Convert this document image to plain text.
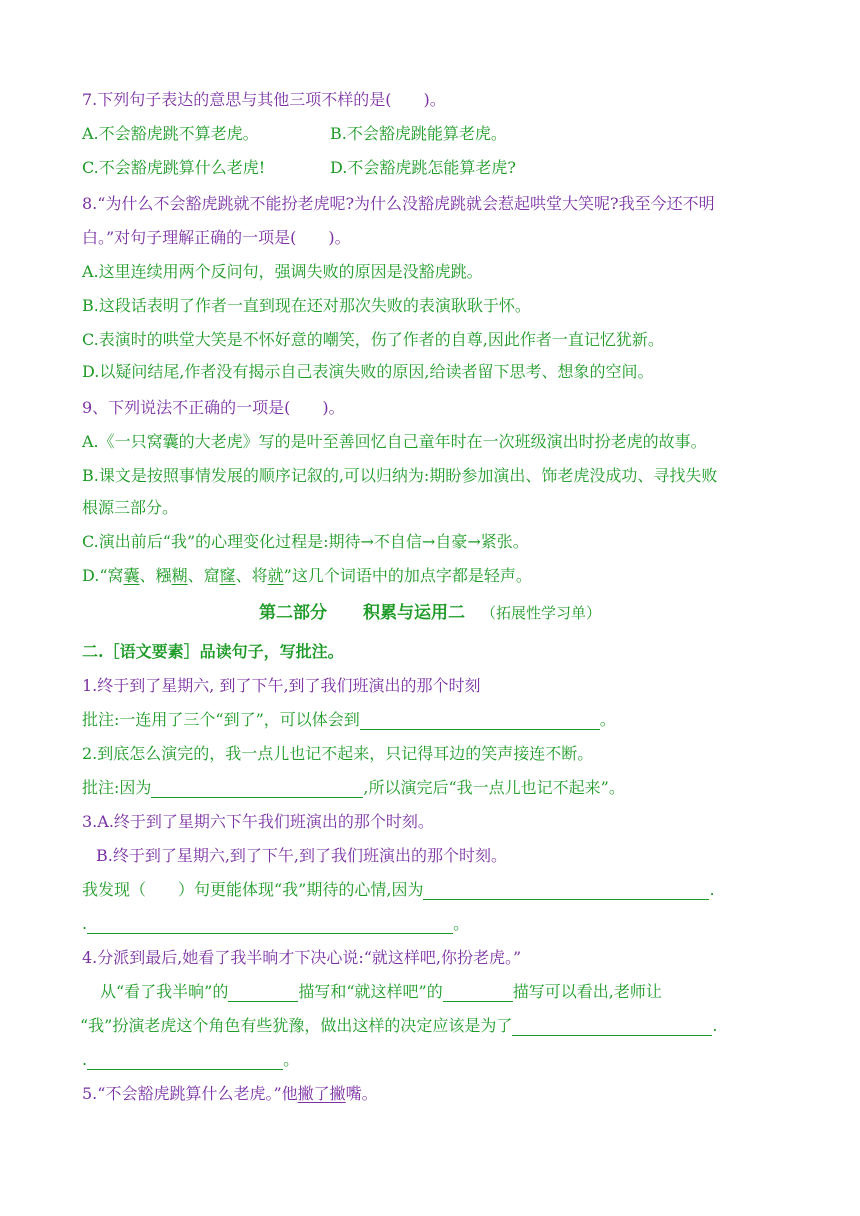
7.下列句子表达的意思与其他三项不样的是(　　)。
A.不会豁虎跳不算老虎。	B.不会豁虎跳能算老虎。
C.不会豁虎跳算什么老虎!	D.不会豁虎跳怎能算老虎?
8.“为什么不会豁虎跳就不能扮老虎呢?为什么没豁虎跳就会惹起哄堂大笑呢?我至今还不明
白。”对句子理解正确的一项是(　　)。
A.这里连续用两个反问句，强调失败的原因是没豁虎跳。
B.这段话表明了作者一直到现在还对那次失败的表演耿耿于怀。
C.表演时的哄堂大笑是不怀好意的嘲笑，伤了作者的自尊,因此作者一直记忆犹新。
D.以疑问结尾,作者没有揭示自己表演失败的原因,给读者留下思考、想象的空间。
9、下列说法不正确的一项是(　　)。
A.《一只窝囊的大老虎》写的是叶至善回忆自己童年时在一次班级演出时扮老虎的故事。
B.课文是按照事情发展的顺序记叙的,可以归纳为:期盼参加演出、饰老虎没成功、寻找失败
根源三部分。
C.演出前后“我”的心理变化过程是:期待→不自信→自豪→紧张。
D.“窝囊、糨糊、窟窿、将就”这几个词语中的加点字都是轻声。
第二部分 积累与运用二 （拓展性学习单）
二.［语文要素］品读句子，写批注。
1.终于到了星期六, 到了下午,到了我们班演出的那个时刻
批注:一连用了三个“到了”，可以体会到	。
2.到底怎么演完的，我一点儿也记不起来，只记得耳边的笑声接连不断。
批注:因为	,所以演完后“我一点儿也记不起来”。
3.A.终于到了星期六下午我们班演出的那个时刻。
B.终于到了星期六,到了下午,到了我们班演出的那个时刻。
我发现（　　）句更能体现“我”期待的心情,因为	.
.	。
4.分派到最后,她看了我半晌才下决心说:“就这样吧,你扮老虎。”
从“看了我半晌”的	描写和“就这样吧”的	描写可以看出,老师让
“我”扮演老虎这个角色有些犹豫，做出这样的决定应该是为了	.
.	。
5.“不会豁虎跳算什么老虎。”他撇了撇嘴。
